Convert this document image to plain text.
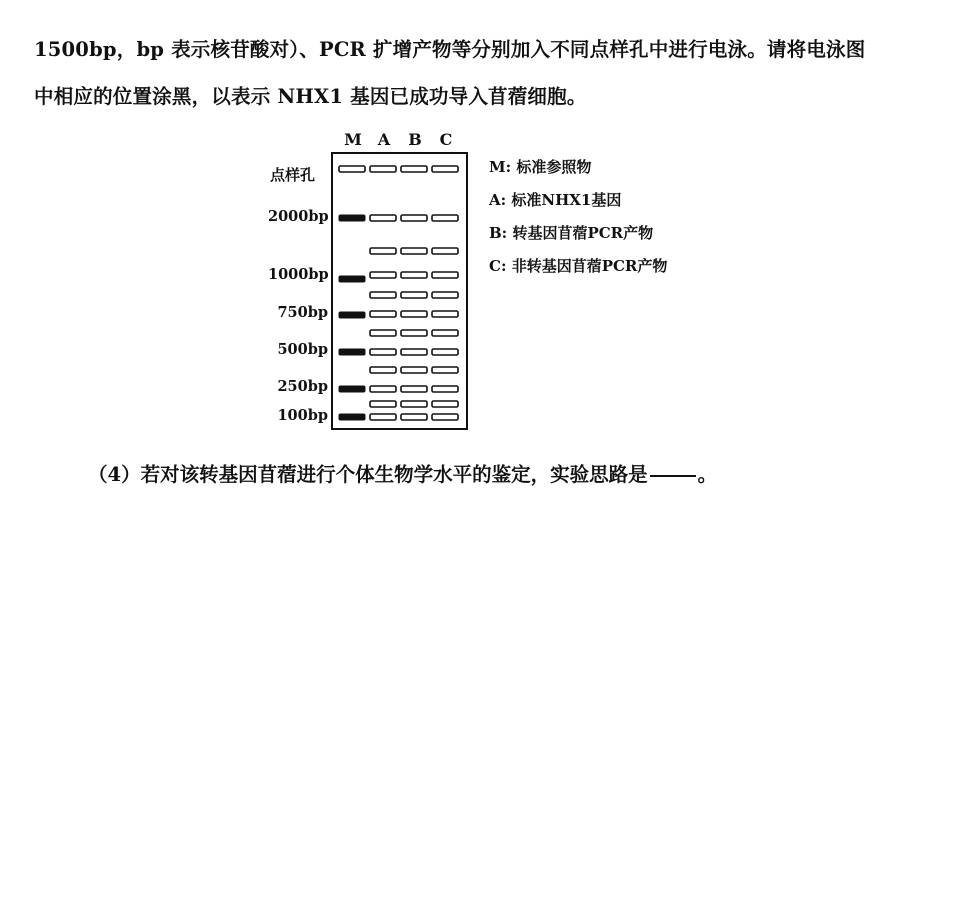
1500bp，bp 表示核苷酸对）、PCR 扩增产物等分别加入不同点样孔中进行电泳。请将电泳图

中相应的位置涂黑，以表示 NHX1 基因已成功导入苜蓿细胞。

M A	B	C
点样孔
2000bp
1000bp
750bp
500bp
250bp
100bp
M: 标准参照物
A: 标准NHX1基因
B: 转基因苜蓿PCR产物
C: 非转基因苜蓿PCR产物
（4）若对该转基因苜蓿进行个体生物学水平的鉴定，实验思路是	。
